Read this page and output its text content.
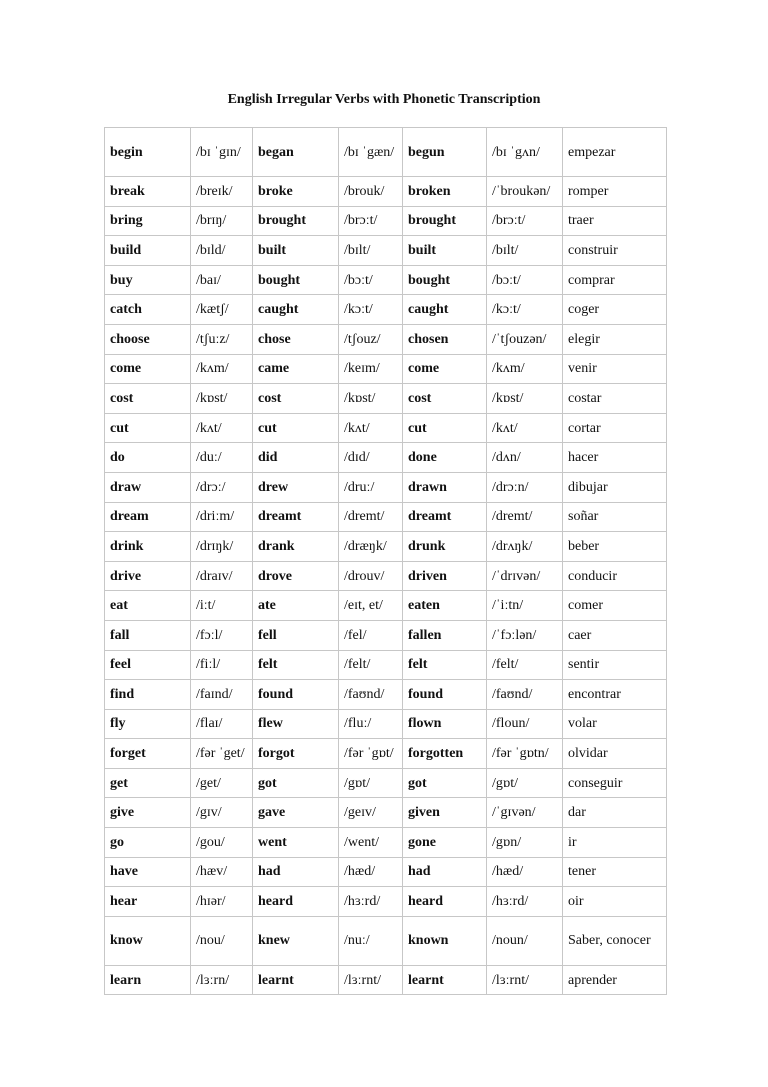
English Irregular Verbs with Phonetic Transcription
begin	/bɪ ˈgɪn/	began	/bɪ ˈgæn/	begun	/bɪ ˈgʌn/	empezar
break	/breɪk/	broke	/brouk/	broken	/ˈbroukən/	romper
bring	/brɪŋ/	brought	/brɔːt/	brought	/brɔːt/	traer
build	/bɪld/	built	/bɪlt/	built	/bɪlt/	construir
buy	/baɪ/	bought	/bɔːt/	bought	/bɔːt/	comprar
catch	/kætʃ/	caught	/kɔːt/	caught	/kɔːt/	coger
choose	/tʃuːz/	chose	/tʃouz/	chosen	/ˈtʃouzən/	elegir
come	/kʌm/	came	/keɪm/	come	/kʌm/	venir
cost	/kɒst/	cost	/kɒst/	cost	/kɒst/	costar
cut	/kʌt/	cut	/kʌt/	cut	/kʌt/	cortar
do	/duː/	did	/dɪd/	done	/dʌn/	hacer
draw	/drɔː/	drew	/druː/	drawn	/drɔːn/	dibujar
dream	/driːm/	dreamt	/dremt/	dreamt	/dremt/	soñar
drink	/drɪŋk/	drank	/dræŋk/	drunk	/drʌŋk/	beber
drive	/draɪv/	drove	/drouv/	driven	/ˈdrɪvən/	conducir
eat	/iːt/	ate	/eɪt, et/	eaten	/ˈiːtn/	comer
fall	/fɔːl/	fell	/fel/	fallen	/ˈfɔːlən/	caer
feel	/fiːl/	felt	/felt/	felt	/felt/	sentir
find	/faɪnd/	found	/faʊnd/	found	/faʊnd/	encontrar
fly	/flaɪ/	flew	/fluː/	flown	/floun/	volar
forget	/fər ˈget/	forgot	/fər ˈgɒt/	forgotten	/fər ˈgɒtn/	olvidar
get	/get/	got	/gɒt/	got	/gɒt/	conseguir
give	/gɪv/	gave	/geɪv/	given	/ˈgɪvən/	dar
go	/gou/	went	/went/	gone	/gɒn/	ir
have	/hæv/	had	/hæd/	had	/hæd/	tener
hear	/hɪər/	heard	/hɜːrd/	heard	/hɜːrd/	oir
know	/nou/	knew	/nuː/	known	/noun/	Saber, conocer
learn	/lɜːrn/	learnt	/lɜːrnt/	learnt	/lɜːrnt/	aprender
